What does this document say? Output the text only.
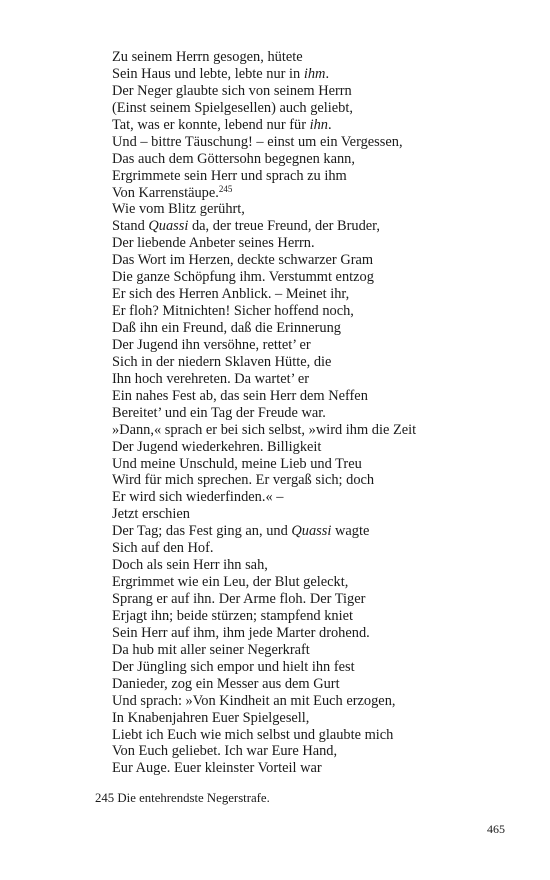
Zu seinem Herrn gesogen, hütete
Sein Haus und lebte, lebte nur in ihm.
Der Neger glaubte sich von seinem Herrn
(Einst seinem Spielgesellen) auch geliebt,
Tat, was er konnte, lebend nur für ihn.
Und – bittre Täuschung! – einst um ein Vergessen,
Das auch dem Göttersohn begegnen kann,
Ergrimmete sein Herr und sprach zu ihm
Von Karrenstäupe.$^{245}$
Wie vom Blitz gerührt,
Stand Quassi da, der treue Freund, der Bruder,
Der liebende Anbeter seines Herrn.
Das Wort im Herzen, deckte schwarzer Gram
Die ganze Schöpfung ihm. Verstummt entzog
Er sich des Herren Anblick. – Meinet ihr,
Er floh? Mitnichten! Sicher hoffend noch,
Daß ihn ein Freund, daß die Erinnerung
Der Jugend ihn versöhne, rettet’ er
Sich in der niedern Sklaven Hütte, die
Ihn hoch verehreten. Da wartet’ er
Ein nahes Fest ab, das sein Herr dem Neffen
Bereitet’ und ein Tag der Freude war.
»Dann,« sprach er bei sich selbst, »wird ihm die Zeit
Der Jugend wiederkehren. Billigkeit
Und meine Unschuld, meine Lieb und Treu
Wird für mich sprechen. Er vergaß sich; doch
Er wird sich wiederfinden.« –
Jetzt erschien
Der Tag; das Fest ging an, und Quassi wagte
Sich auf den Hof.
Doch als sein Herr ihn sah,
Ergrimmet wie ein Leu, der Blut geleckt,
Sprang er auf ihn. Der Arme floh. Der Tiger
Erjagt ihn; beide stürzen; stampfend kniet
Sein Herr auf ihm, ihm jede Marter drohend.
Da hub mit aller seiner Negerkraft
Der Jüngling sich empor und hielt ihn fest
Danieder, zog ein Messer aus dem Gurt
Und sprach: »Von Kindheit an mit Euch erzogen,
In Knabenjahren Euer Spielgesell,
Liebt ich Euch wie mich selbst und glaubte mich
Von Euch geliebet. Ich war Eure Hand,
Eur Auge. Euer kleinster Vorteil war
245 Die entehrendste Negerstrafe.
465
